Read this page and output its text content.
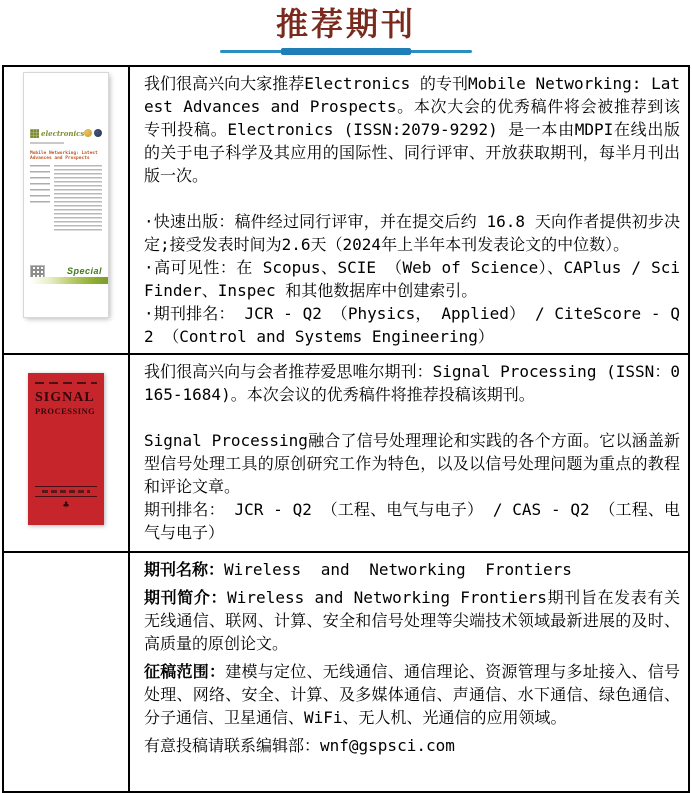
推荐期刊
electronics
Mobile Networking: Latest Advances and Prospects
Special

我们很高兴向大家推荐Electronics 的专刊Mobile Networking: Latest Advances and Prospects。本次大会的优秀稿件将会被推荐到该专刊投稿。Electronics (ISSN:2079-9292) 是一本由MDPI在线出版的关于电子科学及其应用的国际性、同行评审、开放获取期刊，每半月刊出版一次。

·快速出版：稿件经过同行评审，并在提交后约 16.8 天向作者提供初步决定;接受发表时间为2.6天（2024年上半年本刊发表论文的中位数）。

·高可见性：在 Scopus、SCIE （Web of Science）、CAPlus / SciFinder、Inspec 和其他数据库中创建索引。

·期刊排名： JCR - Q2 （Physics， Applied） / CiteScore - Q2 （Control and Systems Engineering）

SIGNAL
PROCESSING
♣

我们很高兴向与会者推荐爱思唯尔期刊：Signal Processing (ISSN：0165-1684)。本次会议的优秀稿件将推荐投稿该期刊。

Signal Processing融合了信号处理理论和实践的各个方面。它以涵盖新型信号处理工具的原创研究工作为特色，以及以信号处理问题为重点的教程和评论文章。

期刊排名： JCR - Q2 （工程、电气与电子） / CAS - Q2 （工程、电气与电子）

	期刊名称：Wireless and Networking Frontiers
期刊简介：Wireless and Networking Frontiers期刊旨在发表有关无线通信、联网、计算、安全和信号处理等尖端技术领域最新进展的及时、高质量的原创论文。
征稿范围：建模与定位、无线通信、通信理论、资源管理与多址接入、信号处理、网络、安全、计算、及多媒体通信、声通信、水下通信、绿色通信、分子通信、卫星通信、WiFi、无人机、光通信的应用领域。

有意投稿请联系编辑部：wnf@gspsci.com
